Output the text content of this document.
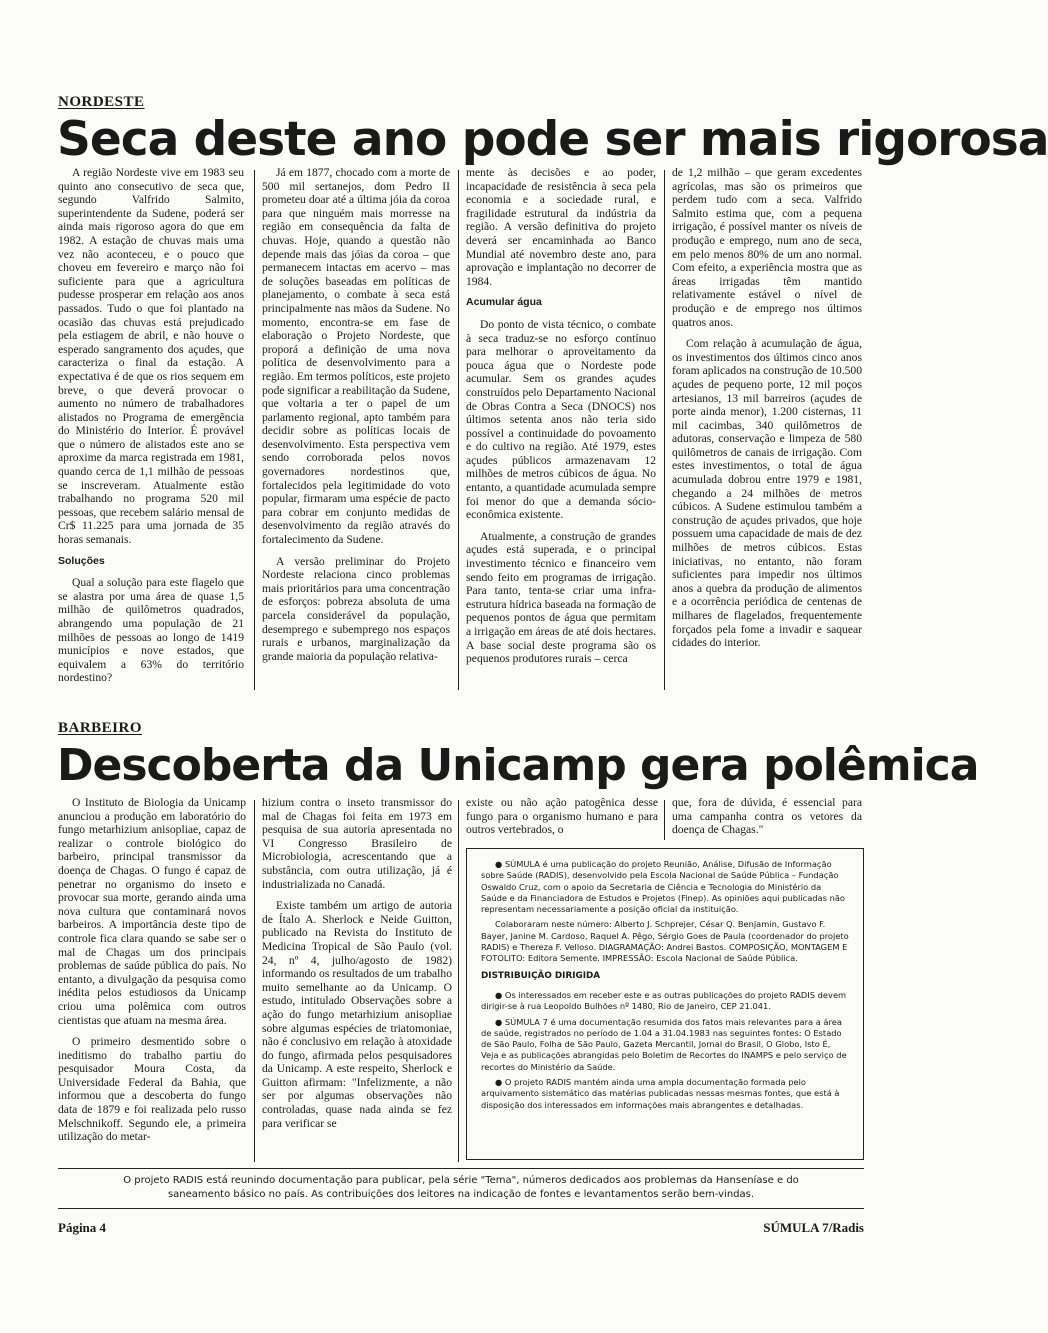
NORDESTE
Seca deste ano pode ser mais rigorosa

A região Nordeste vive em 1983 seu quinto ano consecutivo de seca que, segundo Valfrido Salmito, superintendente da Sudene, poderá ser ainda mais rigoroso agora do que em 1982. A estação de chuvas mais uma vez não aconteceu, e o pouco que choveu em fevereiro e março não foi suficiente para que a agricultura pudesse prosperar em relação aos anos passados. Tudo o que foi plantado na ocasião das chuvas está prejudicado pela estiagem de abril, e não houve o esperado sangramento dos açudes, que caracteriza o final da estação. A expectativa é de que os rios sequem em breve, o que deverá provocar o aumento no número de trabalhadores alistados no Programa de emergência do Ministério do Interior. É provável que o número de alistados este ano se aproxime da marca registrada em 1981, quando cerca de 1,1 milhão de pessoas se inscreveram. Atualmente estão trabalhando no programa 520 mil pessoas, que recebem salário mensal de Cr$ 11.225 para uma jornada de 35 horas semanais.

Soluções

Qual a solução para este flagelo que se alastra por uma área de quase 1,5 milhão de quilômetros quadrados, abrangendo uma população de 21 milhões de pessoas ao longo de 1419 municípios e nove estados, que equivalem a 63% do território nordestino?

Já em 1877, chocado com a morte de 500 mil sertanejos, dom Pedro II prometeu doar até a última jóia da coroa para que ninguém mais morresse na região em consequência da falta de chuvas. Hoje, quando a questão não depende mais das jóias da coroa – que permanecem intactas em acervo – mas de soluções baseadas em políticas de planejamento, o combate à seca está principalmente nas mãos da Sudene. No momento, encontra-se em fase de elaboração o Projeto Nordeste, que proporá a definição de uma nova política de desenvolvimento para a região. Em termos políticos, este projeto pode significar a reabilitação da Sudene, que voltaria a ter o papel de um parlamento regional, apto também para decidir sobre as políticas locais de desenvolvimento. Esta perspectiva vem sendo corroborada pelos novos governadores nordestinos que, fortalecidos pela legitimidade do voto popular, firmaram uma espécie de pacto para cobrar em conjunto medidas de desenvolvimento da região através do fortalecimento da Sudene.

A versão preliminar do Projeto Nordeste relaciona cinco problemas mais prioritários para uma concentração de esforços: pobreza absoluta de uma parcela considerável da população, desemprego e subemprego nos espaços rurais e urbanos, marginalização da grande maioria da população relativa-

mente às decisões e ao poder, incapacidade de resistência à seca pela economia e a sociedade rural, e fragilidade estrutural da indústria da região. A versão definitiva do projeto deverá ser encaminhada ao Banco Mundial até novembro deste ano, para aprovação e implantação no decorrer de 1984.

Acumular água

Do ponto de vista técnico, o combate à seca traduz-se no esforço contínuo para melhorar o aproveitamento da pouca água que o Nordeste pode acumular. Sem os grandes açudes construídos pelo Departamento Nacional de Obras Contra a Seca (DNOCS) nos últimos setenta anos não teria sido possível a continuidade do povoamento e do cultivo na região. Até 1979, estes açudes públicos armazenavam 12 milhões de metros cúbicos de água. No entanto, a quantidade acumulada sempre foi menor do que a demanda sócio-econômica existente.

Atualmente, a construção de grandes açudes está superada, e o principal investimento técnico e financeiro vem sendo feito em programas de irrigação. Para tanto, tenta-se criar uma infra-estrutura hídrica baseada na formação de pequenos pontos de água que permitam a irrigação em áreas de até dois hectares. A base social deste programa são os pequenos produtores rurais – cerca

de 1,2 milhão – que geram excedentes agrícolas, mas são os primeiros que perdem tudo com a seca. Valfrido Salmito estima que, com a pequena irrigação, é possível manter os níveis de produção e emprego, num ano de seca, em pelo menos 80% de um ano normal. Com efeito, a experiência mostra que as áreas irrigadas têm mantido relativamente estável o nível de produção e de emprego nos últimos quatros anos.

Com relação à acumulação de água, os investimentos dos últimos cinco anos foram aplicados na construção de 10.500 açudes de pequeno porte, 12 mil poços artesianos, 13 mil barreiros (açudes de porte ainda menor), 1.200 cisternas, 11 mil cacimbas, 340 quilômetros de adutoras, conservação e limpeza de 580 quilômetros de canais de irrigação. Com estes investimentos, o total de água acumulada dobrou entre 1979 e 1981, chegando a 24 milhões de metros cúbicos. A Sudene estimulou também a construção de açudes privados, que hoje possuem uma capacidade de mais de dez milhões de metros cúbicos. Estas iniciativas, no entanto, não foram suficientes para impedir nos últimos anos a quebra da produção de alimentos e a ocorrência periódica de centenas de milhares de flagelados, frequentemente forçados pela fome a invadir e saquear cidades do interior.

BARBEIRO
Descoberta da Unicamp gera polêmica

O Instituto de Biologia da Unicamp anunciou a produção em laboratório do fungo metarhizium anisopliae, capaz de realizar o controle biológico do barbeiro, principal transmissor da doença de Chagas. O fungo é capaz de penetrar no organismo do inseto e provocar sua morte, gerando ainda uma nova cultura que contaminará novos barbeiros. A importância deste tipo de controle fica clara quando se sabe ser o mal de Chagas um dos principais problemas de saúde pública do país. No entanto, a divulgação da pesquisa como inédita pelos estudiosos da Unicamp criou uma polêmica com outros cientistas que atuam na mesma área.

O primeiro desmentido sobre o ineditismo do trabalho partiu do pesquisador Moura Costa, da Universidade Federal da Bahia, que informou que a descoberta do fungo data de 1879 e foi realizada pelo russo Melschnikoff. Segundo ele, a primeira utilização do metar-

hizium contra o inseto transmissor do mal de Chagas foi feita em 1973 em pesquisa de sua autoria apresentada no VI Congresso Brasileiro de Microbiologia, acrescentando que a substância, com outra utilização, já é industrializada no Canadá.

Existe também um artigo de autoria de Ítalo A. Sherlock e Neide Guitton, publicado na Revista do Instituto de Medicina Tropical de São Paulo (vol. 24, nº 4, julho/agosto de 1982) informando os resultados de um trabalho muito semelhante ao da Unicamp. O estudo, intitulado Observações sobre a ação do fungo metarhizium anisopliae sobre algumas espécies de triatomoniae, não é conclusivo em relação à atoxidade do fungo, afirmada pelos pesquisadores da Unicamp. A este respeito, Sherlock e Guitton afirmam: "Infelizmente, a não ser por algumas observações não controladas, quase nada ainda se fez para verificar se

existe ou não ação patogênica desse fungo para o organismo humano e para outros vertebrados, o

que, fora de dúvida, é essencial para uma campanha contra os vetores da doença de Chagas."

● SÚMULA é uma publicação do projeto Reunião, Análise, Difusão de Informação sobre Saúde (RADIS), desenvolvido pela Escola Nacional de Saúde Pública – Fundação Oswaldo Cruz, com o apoio da Secretaria de Ciência e Tecnologia do Ministério da Saúde e da Financiadora de Estudos e Projetos (Finep). As opiniões aqui publicadas não representam necessariamente a posição oficial da instituição.

Colaboraram neste número: Alberto J. Schprejer, César Q. Benjamin, Gustavo F. Bayer, Janine M. Cardoso, Raquel A. Pêgo, Sérgio Goes de Paula (coordenador do projeto RADIS) e Thereza F. Velloso. DIAGRAMAÇÃO: Andrei Bastos. COMPOSIÇÃO, MONTAGEM E FOTOLITO: Editora Semente. IMPRESSÃO: Escola Nacional de Saúde Pública.

DISTRIBUIÇÃO DIRIGIDA

● Os interessados em receber este e as outras publicações do projeto RADIS devem dirigir-se à rua Leopoldo Bulhões nº 1480, Rio de Janeiro, CEP 21.041.

● SÚMULA 7 é uma documentação resumida dos fatos mais relevantes para a área de saúde, registrados no período de 1.04 a 31.04.1983 nas seguintes fontes: O Estado de São Paulo, Folha de São Paulo, Gazeta Mercantil, Jornal do Brasil, O Globo, Isto É, Veja e as publicações abrangidas pelo Boletim de Recortes do INAMPS e pelo serviço de recortes do Ministério da Saúde.

● O projeto RADIS mantém ainda uma ampla documentação formada pelo arquivamento sistemático das matérias publicadas nessas mesmas fontes, que está à disposição dos interessados em informações mais abrangentes e detalhadas.

O projeto RADIS está reunindo documentação para publicar, pela série "Tema", números dedicados aos problemas da Hanseníase e do saneamento básico no país. As contribuições dos leitores na indicação de fontes e levantamentos serão bem-vindas.
Página 4	SÚMULA 7/Radis
